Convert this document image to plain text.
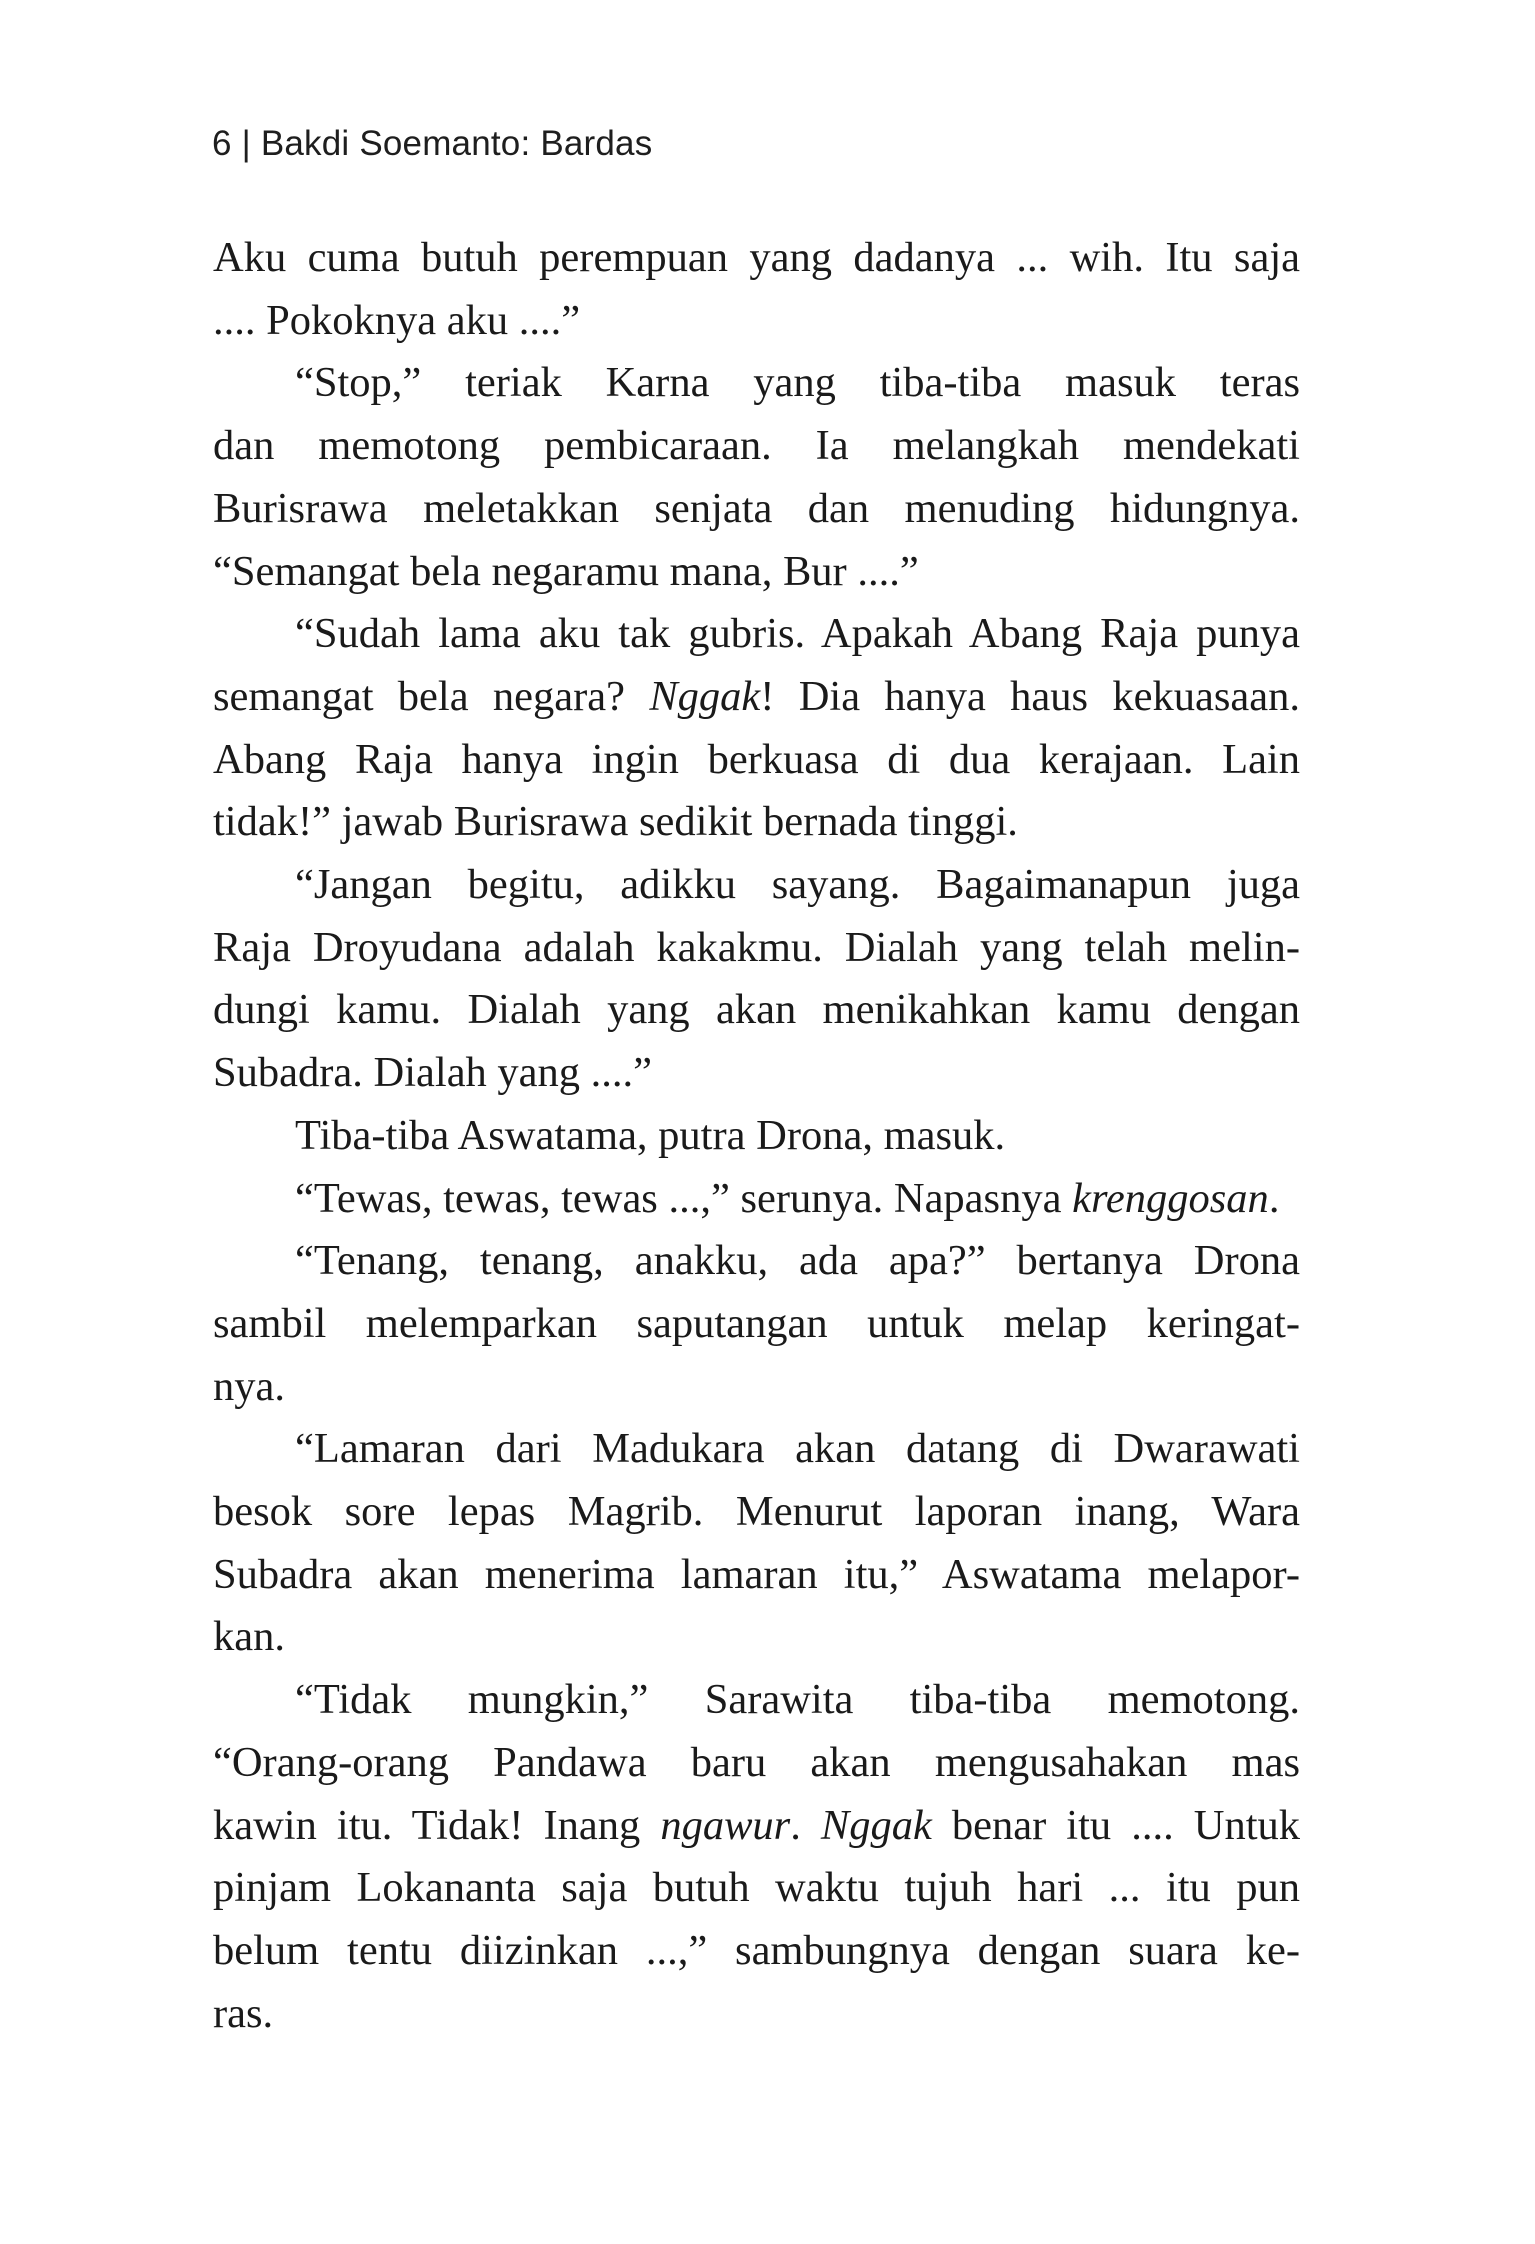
6 | Bakdi Soemanto: Bardas
Aku cuma butuh perempuan yang dadanya ... wih. Itu saja
.... Pokoknya aku ....”
“Stop,” teriak Karna yang tiba-tiba masuk teras
dan memotong pembicaraan. Ia melangkah mendekati
Burisrawa meletakkan senjata dan menuding hidungnya.
“Semangat bela negaramu mana, Bur ....”
“Sudah lama aku tak gubris. Apakah Abang Raja punya
semangat bela negara? Nggak! Dia hanya haus kekuasaan.
Abang Raja hanya ingin berkuasa di dua kerajaan. Lain
tidak!” jawab Burisrawa sedikit bernada tinggi.
“Jangan begitu, adikku sayang. Bagaimanapun juga
Raja Droyudana adalah kakakmu. Dialah yang telah melin-
dungi kamu. Dialah yang akan menikahkan kamu dengan
Subadra. Dialah yang ....”
Tiba-tiba Aswatama, putra Drona, masuk.
“Tewas, tewas, tewas ...,” serunya. Napasnya krenggosan.
“Tenang, tenang, anakku, ada apa?” bertanya Drona
sambil melemparkan saputangan untuk melap keringat-
nya.
“Lamaran dari Madukara akan datang di Dwarawati
besok sore lepas Magrib. Menurut laporan inang, Wara
Subadra akan menerima lamaran itu,” Aswatama melapor-
kan.
“Tidak mungkin,” Sarawita tiba-tiba memotong.
“Orang-orang Pandawa baru akan mengusahakan mas
kawin itu. Tidak! Inang ngawur. Nggak benar itu .... Untuk
pinjam Lokananta saja butuh waktu tujuh hari ... itu pun
belum tentu diizinkan ...,” sambungnya dengan suara ke-
ras.
